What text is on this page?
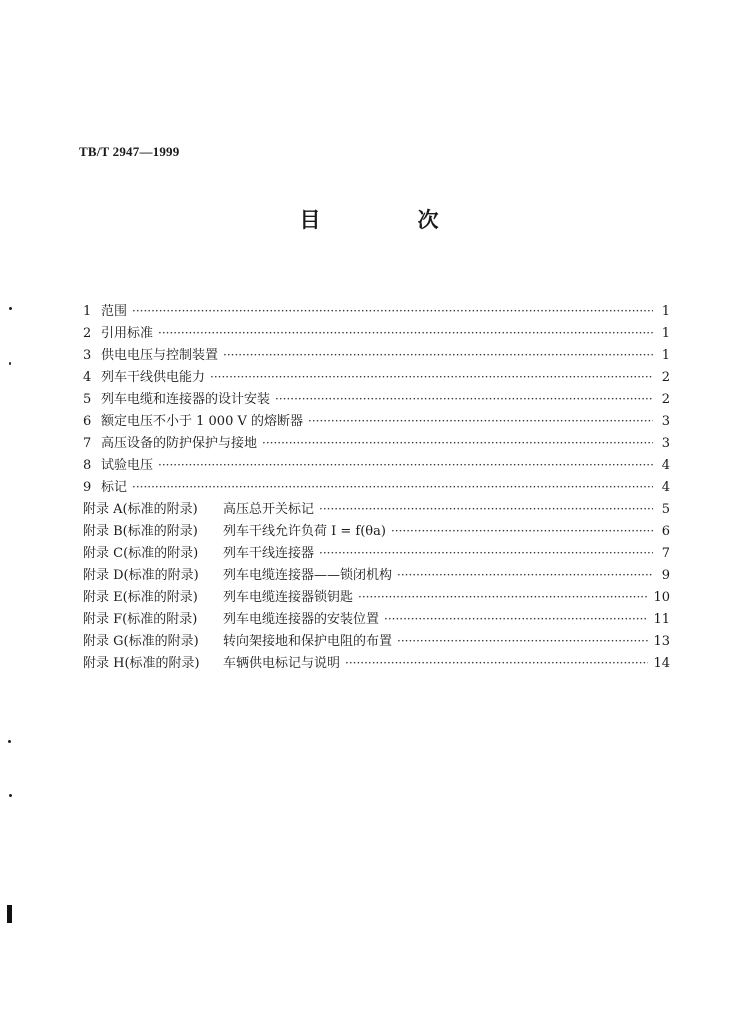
TB/T 2947—1999
目　次
1 范围 ·····	1
2 引用标准 ·····	1
3 供电电压与控制装置 ·····	1
4 列车干线供电能力 ·····	2
5 列车电缆和连接器的设计安装 ·····	2
6 额定电压不小于 1 000 V 的熔断器 ·····	3
7 高压设备的防护保护与接地 ·····	3
8 试验电压 ·····	4
9 标记 ·····	4
附录 A(标准的附录)	高压总开关标记 ·····	5
附录 B(标准的附录)	列车干线允许负荷 I = f(θa) ·····	6
附录 C(标准的附录)	列车干线连接器 ·····	7
附录 D(标准的附录)	列车电缆连接器——锁闭机构 ·····	9
附录 E(标准的附录)	列车电缆连接器锁钥匙 ·····	10
附录 F(标准的附录)	列车电缆连接器的安装位置 ·····	11
附录 G(标准的附录)	转向架接地和保护电阻的布置 ·····	13
附录 H(标准的附录)	车辆供电标记与说明 ·····	14
